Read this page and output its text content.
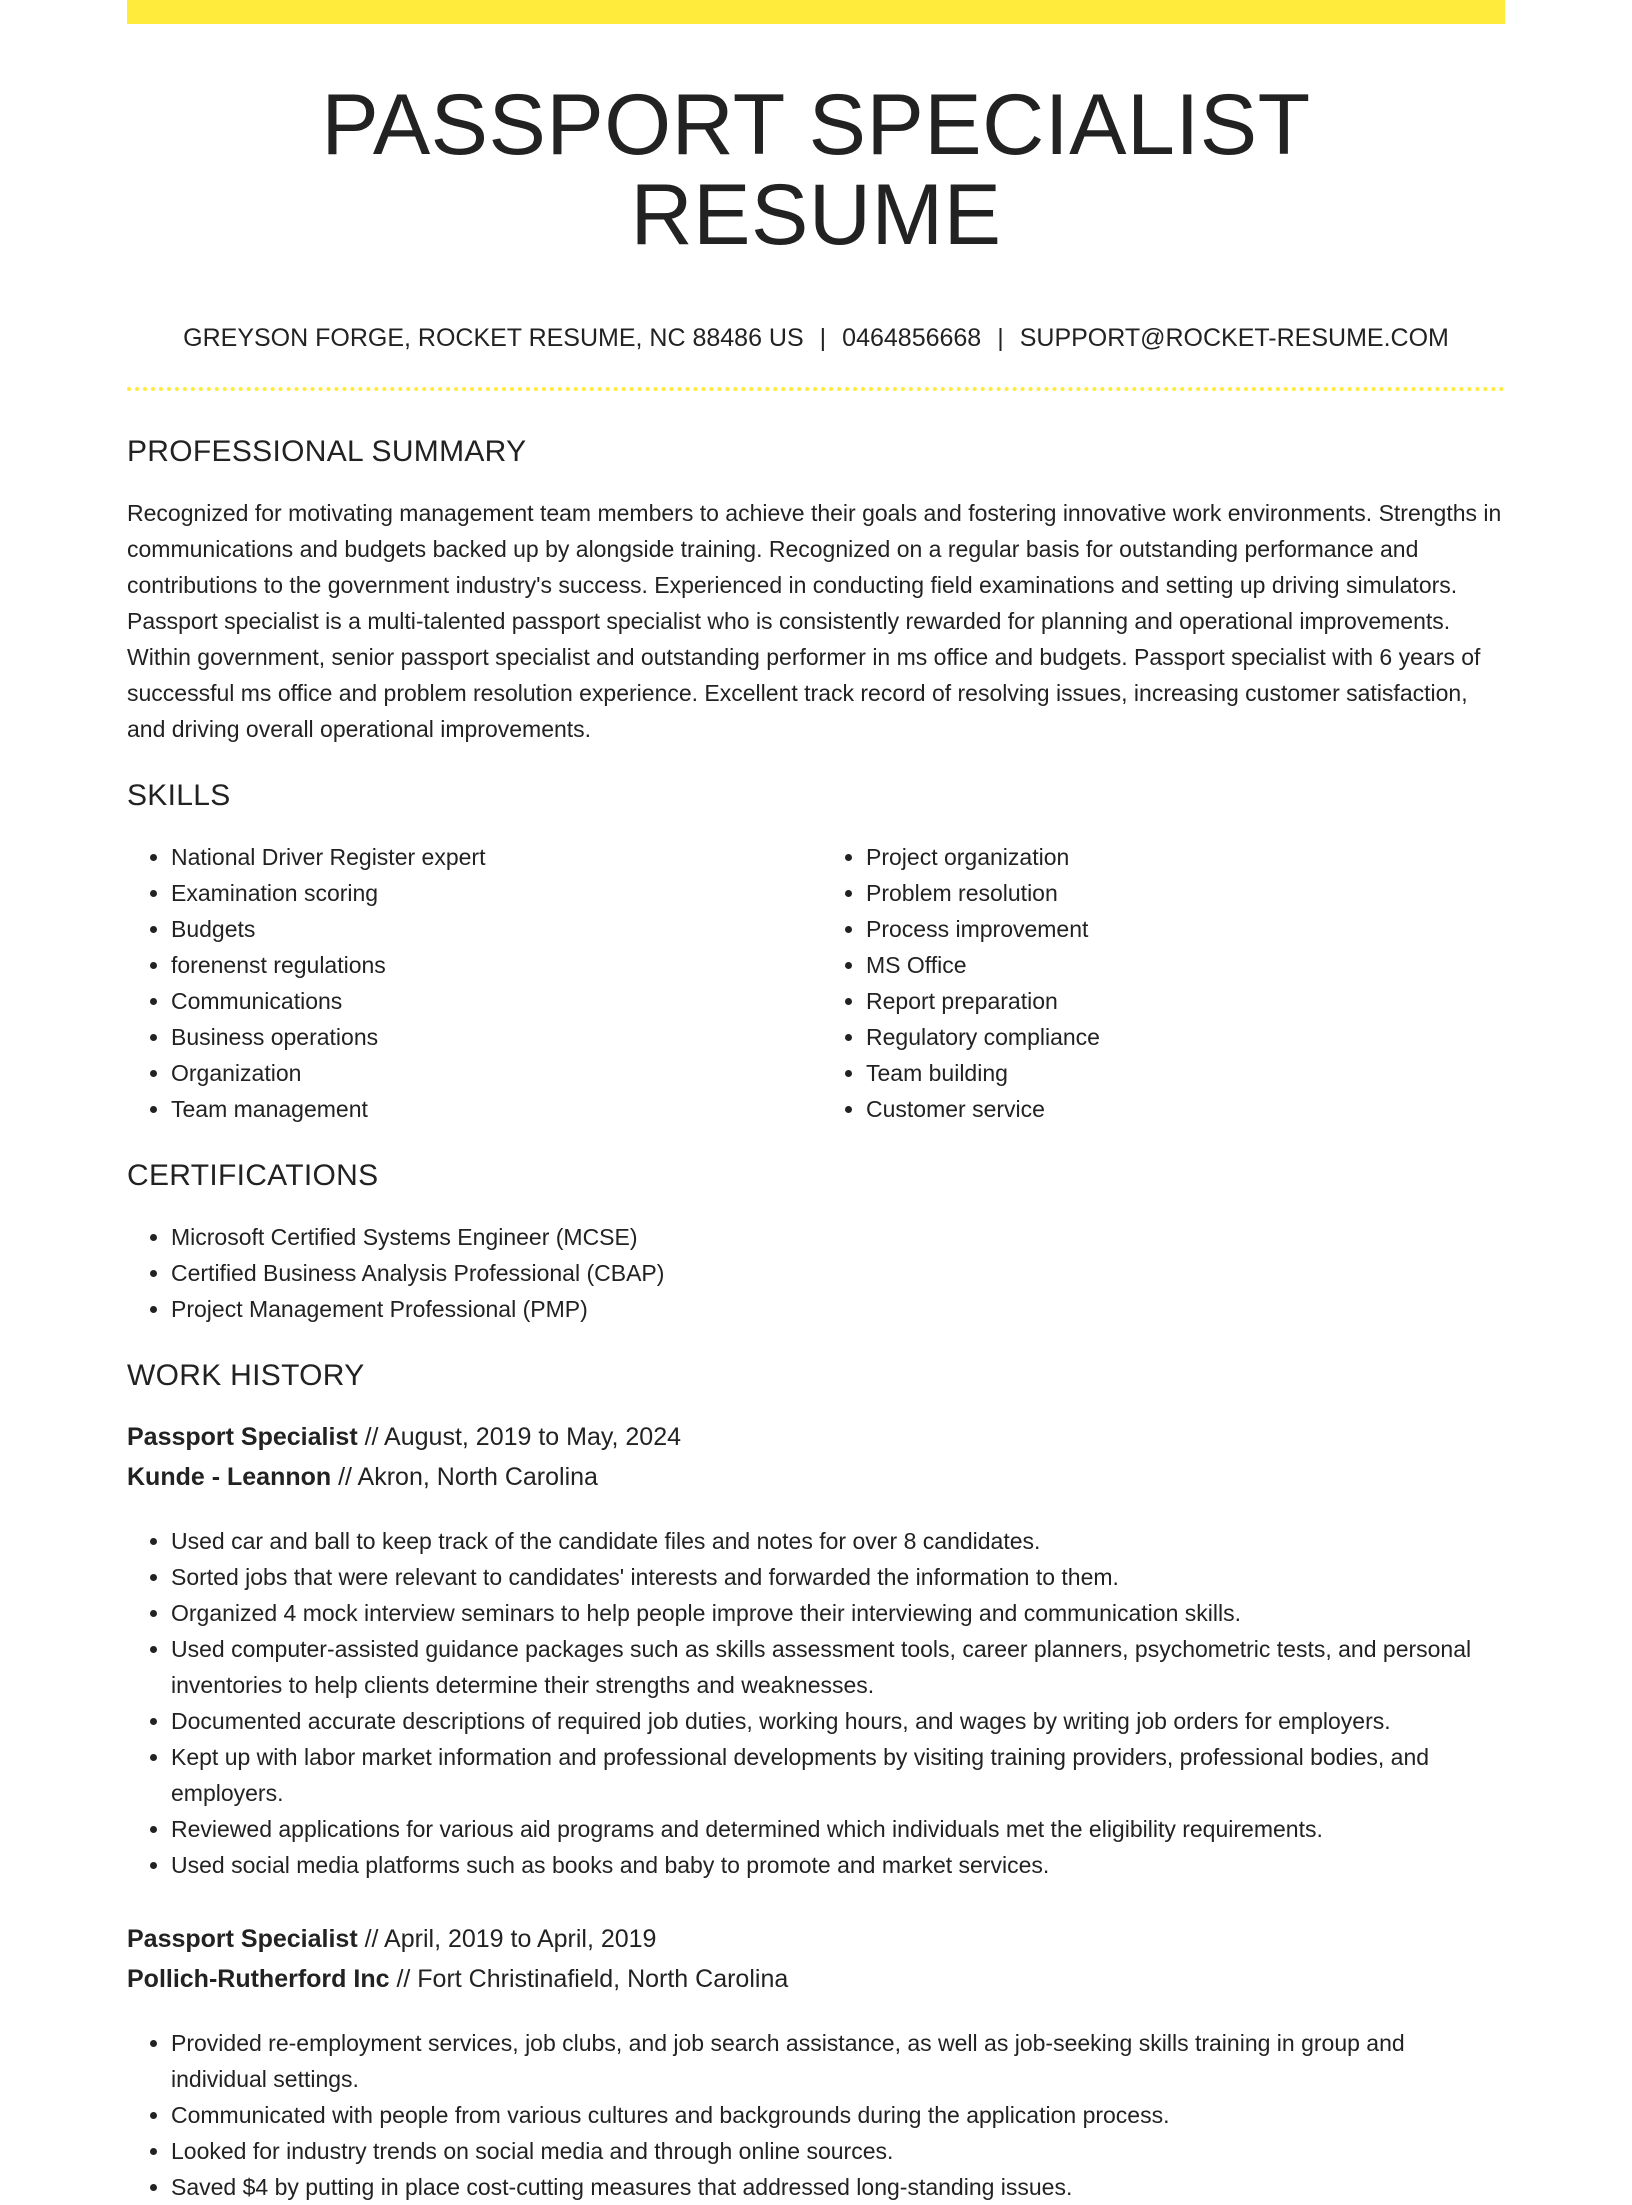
PASSPORT SPECIALIST RESUME
GREYSON FORGE, ROCKET RESUME, NC 88486 US | 0464856668 | SUPPORT@ROCKET-RESUME.COM
PROFESSIONAL SUMMARY

Recognized for motivating management team members to achieve their goals and fostering innovative work environments. Strengths in communications and budgets backed up by alongside training. Recognized on a regular basis for outstanding performance and contributions to the government industry's success. Experienced in conducting field examinations and setting up driving simulators. Passport specialist is a multi-talented passport specialist who is consistently rewarded for planning and operational improvements. Within government, senior passport specialist and outstanding performer in ms office and budgets. Passport specialist with 6 years of successful ms office and problem resolution experience. Excellent track record of resolving issues, increasing customer satisfaction, and driving overall operational improvements.

SKILLS
• National Driver Register expert
• Examination scoring
• Budgets
• forenenst regulations
• Communications
• Business operations
• Organization
• Team management
• Project organization
• Problem resolution
• Process improvement
• MS Office
• Report preparation
• Regulatory compliance
• Team building
• Customer service
CERTIFICATIONS
• Microsoft Certified Systems Engineer (MCSE)
• Certified Business Analysis Professional (CBAP)
• Project Management Professional (PMP)
WORK HISTORY
Passport Specialist // August, 2019 to May, 2024
Kunde - Leannon // Akron, North Carolina
• Used car and ball to keep track of the candidate files and notes for over 8 candidates.
• Sorted jobs that were relevant to candidates' interests and forwarded the information to them.
• Organized 4 mock interview seminars to help people improve their interviewing and communication skills.
• Used computer-assisted guidance packages such as skills assessment tools, career planners, psychometric tests, and personal inventories to help clients determine their strengths and weaknesses.
• Documented accurate descriptions of required job duties, working hours, and wages by writing job orders for employers.
• Kept up with labor market information and professional developments by visiting training providers, professional bodies, and employers.
• Reviewed applications for various aid programs and determined which individuals met the eligibility requirements.
• Used social media platforms such as books and baby to promote and market services.
Passport Specialist // April, 2019 to April, 2019
Pollich-Rutherford Inc // Fort Christinafield, North Carolina
• Provided re-employment services, job clubs, and job search assistance, as well as job-seeking skills training in group and individual settings.
• Communicated with people from various cultures and backgrounds during the application process.
• Looked for industry trends on social media and through online sources.
• Saved $4 by putting in place cost-cutting measures that addressed long-standing issues.
